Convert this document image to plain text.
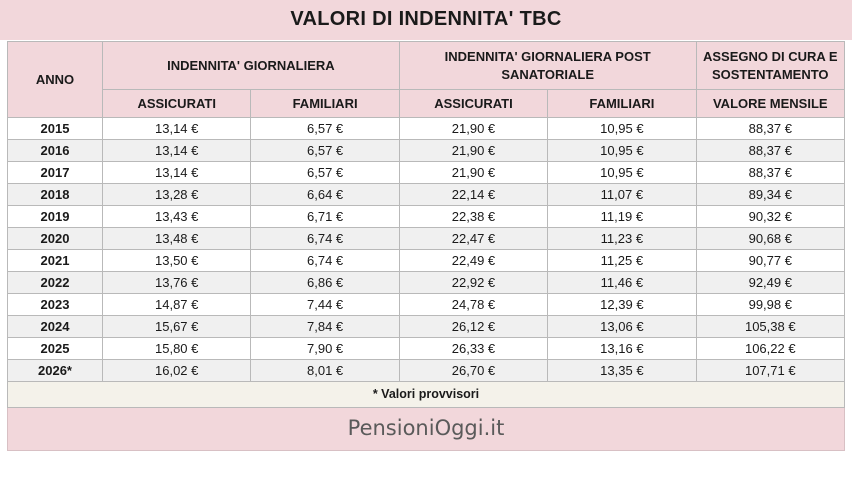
VALORI DI INDENNITA' TBC
ANNO	INDENNITA' GIORNALIERA		INDENNITA' GIORNALIERA POST SANATORIALE		ASSEGNO DI CURA E SOSTENTAMENTO
	ASSICURATI	FAMILIARI	ASSICURATI	FAMILIARI	VALORE MENSILE
2015	13,14 €	6,57 €	21,90 €	10,95 €	88,37 €
2016	13,14 €	6,57 €	21,90 €	10,95 €	88,37 €
2017	13,14 €	6,57 €	21,90 €	10,95 €	88,37 €
2018	13,28 €	6,64 €	22,14 €	11,07 €	89,34 €
2019	13,43 €	6,71 €	22,38 €	11,19 €	90,32 €
2020	13,48 €	6,74 €	22,47 €	11,23 €	90,68 €
2021	13,50 €	6,74 €	22,49 €	11,25 €	90,77 €
2022	13,76 €	6,86 €	22,92 €	11,46 €	92,49 €
2023	14,87 €	7,44 €	24,78 €	12,39 €	99,98 €
2024	15,67 €	7,84 €	26,12 €	13,06 €	105,38 €
2025	15,80 €	7,90 €	26,33 €	13,16 €	106,22 €
2026*	16,02 €	8,01 €	26,70 €	13,35 €	107,71 €
* Valori provvisori
PensioniOggi.it
